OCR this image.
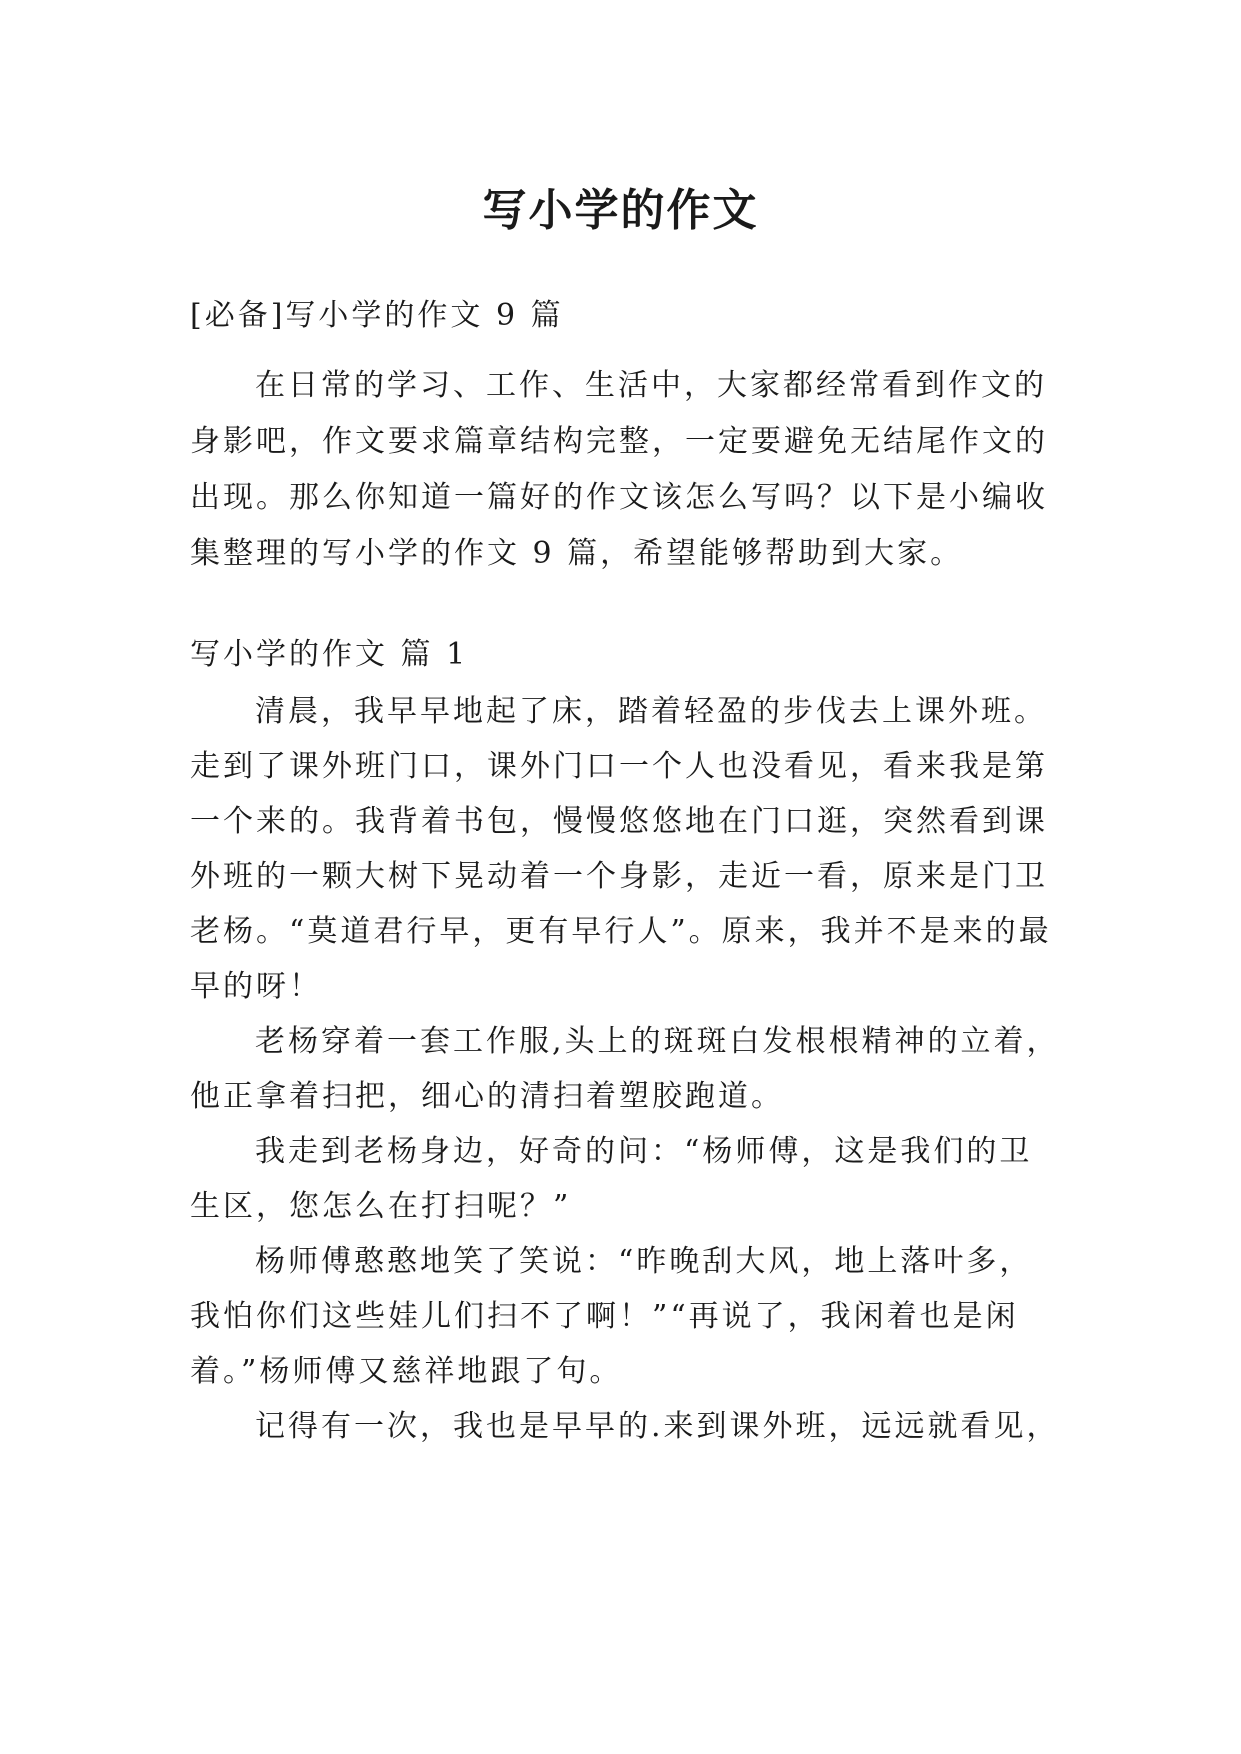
写小学的作文

[必备]写小学的作文 9 篇

在日常的学习、工作、生活中，大家都经常看到作文的

身影吧，作文要求篇章结构完整，一定要避免无结尾作文的

出现。那么你知道一篇好的作文该怎么写吗？以下是小编收

集整理的写小学的作文 9 篇，希望能够帮助到大家。

写小学的作文 篇 1

清晨，我早早地起了床，踏着轻盈的步伐去上课外班。

走到了课外班门口，课外门口一个人也没看见，看来我是第

一个来的。我背着书包，慢慢悠悠地在门口逛，突然看到课

外班的一颗大树下晃动着一个身影，走近一看，原来是门卫

老杨。“莫道君行早，更有早行人”。原来，我并不是来的最

早的呀！

老杨穿着一套工作服,头上的斑斑白发根根精神的立着，

他正拿着扫把，细心的清扫着塑胶跑道。

我走到老杨身边，好奇的问：“杨师傅，这是我们的卫

生区，您怎么在打扫呢？”

杨师傅憨憨地笑了笑说：“昨晚刮大风，地上落叶多，

我怕你们这些娃儿们扫不了啊！”“再说了，我闲着也是闲

着。”杨师傅又慈祥地跟了句。

记得有一次，我也是早早的.来到课外班，远远就看见，
